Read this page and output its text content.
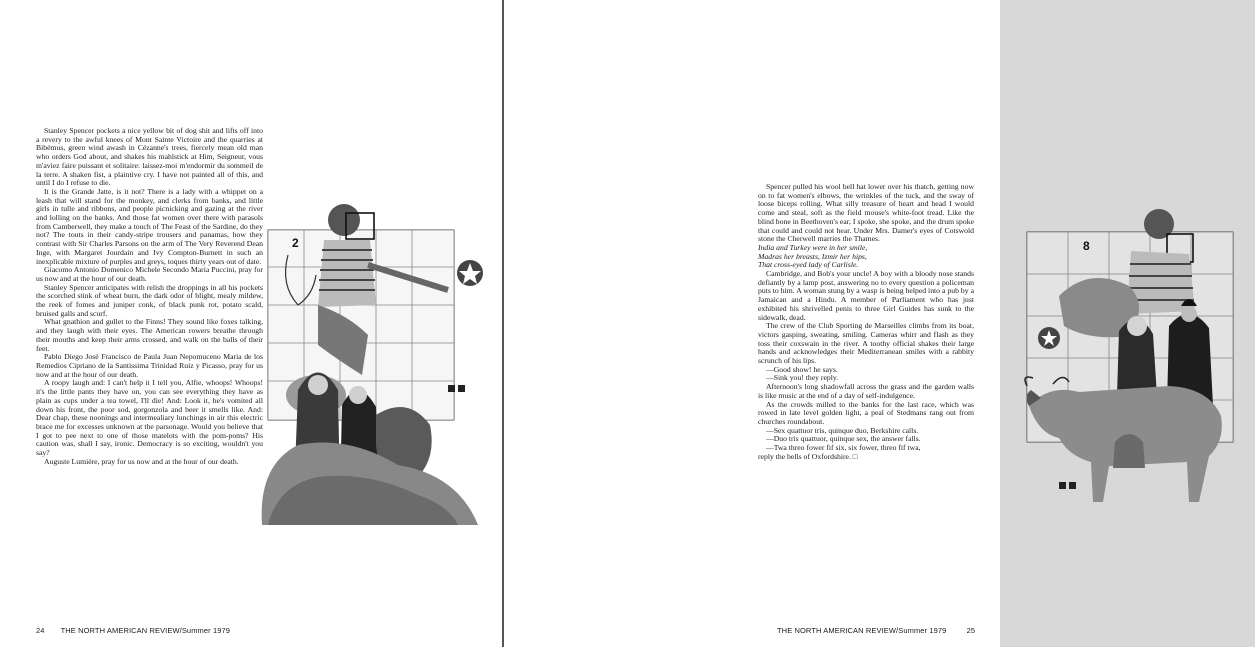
Stanley Spencer pockets a nice yellow bit of dog shit and lifts off into a revery to the awful knees of Mont Sainte Victoire and the quarries at Bibémus, green wind awash in Cézanne's trees, fiercely mean old man who orders God about, and shakes his mahlstick at Him, Seigneur, vous m'aviez faire puissant et solitaire: laissez-moi m'endormir du sommeil de la terre. A shaken fist, a plaintive cry. I have not painted all of this, and until I do I refuse to die.

It is the Grande Jatte, is it not? There is a lady with a whippet on a leash that will stand for the monkey, and clerks from banks, and little girls in tulle and ribbons, and people picnicking and gazing at the river and lolling on the banks. And those fat women over there with parasols from Camberwell, they make a touch of The Feast of the Sardine, do they not? The touts in their candy-stripe trousers and panamas, how they contrast with Sir Charles Parsons on the arm of The Very Reverend Dean Inge, with Margaret Jourdain and Ivy Compton-Burnett in such an inexplicable mixture of purples and greys, toques thirty years out of date.

Giacomo Antonio Domenico Michele Secondo Maria Puccini, pray for us now and at the hour of our death.

Stanley Spencer anticipates with relish the droppings in all his pockets the scorched stink of wheat burn, the dark odor of blight, mealy mildew, the reek of fomes and juniper conk, of black punk rot, potato scald, bruised galls and scurf.

What gnathion and gullet to the Finns! They sound like foxes talking, and they laugh with their eyes. The American rowers breathe through their mouths and keep their arms crossed, and walk on the balls of their feet.

Pablo Diego José Francisco de Paula Juan Nepomuceno Maria de los Remedios Cipriano de la Santissima Trinidad Ruiz y Picasso, pray for us now and at the hour of our death.

A roopy laugh and: I can't help it I tell you, Alfie, whoops! Whoops! it's the little pants they have on, you can see everything they have as plain as cups under a tea towel, I'll die! And: Look it, he's vomited all down his front, the poor sod, gorgonzola and beer it smells like. And: Dear chap, these noonings and intermealiary lunchings in air this electric brace me for excesses unknown at the parsonage. Would you believe that I got to pee next to one of those matelots with the pom-poms? His caution was, shall I say, ironic. Democracy is so exciting, wouldn't you say?

Auguste Lumière, pray for us now and at the hour of our death.

2
24 THE NORTH AMERICAN REVIEW/Summer 1979
8

Spencer pulled his wool bell hat lower over his thatch, getting now on to fat women's elbows, the wrinkles of the tuck, and the sway of loose biceps rolling. What silly treasure of heart and head I would come and steal, soft as the field mouse's white-foot tread. Like the blind bone in Beethoven's ear, I spoke, she spoke, and the drum spoke that could and could not hear. Under Mrs. Damer's eyes of Cotswold stone the Cherwell marries the Thames.

India and Turkey were in her smile,
Madras her breasts, Izmir her hips,
That cross-eyed lady of Carlisle.

Cambridge, and Bob's your uncle! A boy with a bloody nose stands defiantly by a lamp post, answering no to every question a policeman puts to him. A woman stung by a wasp is being helped into a pub by a Jamaican and a Hindu. A member of Parliament who has just exhibited his shrivelled penis to three Girl Guides has sunk to the sidewalk, dead.

The crew of the Club Sporting de Marseilles climbs from its boat, victors gasping, sweating, smiling. Cameras whirr and flash as they toss their coxswain in the river. A toothy official shakes their large hands and acknowledges their Mediterranean smiles with a rabbity scrunch of his lips.

—Good show! he says.

—Sink you! they reply.

Afternoon's long shadowfall across the grass and the garden walls is like music at the end of a day of self-indulgence.

As the crowds milled to the banks for the last race, which was rowed in late level golden light, a peal of Stedmans rang out from churches roundabout.

—Sex quattuor tris, quinque duo, Berkshire calls.

—Duo tris quattuor, quinque sex, the answer falls.

—Twa threo fower fif six, six fower, threo fif twa,

reply the bells of Oxfordshire. □

THE NORTH AMERICAN REVIEW/Summer 1979	25
